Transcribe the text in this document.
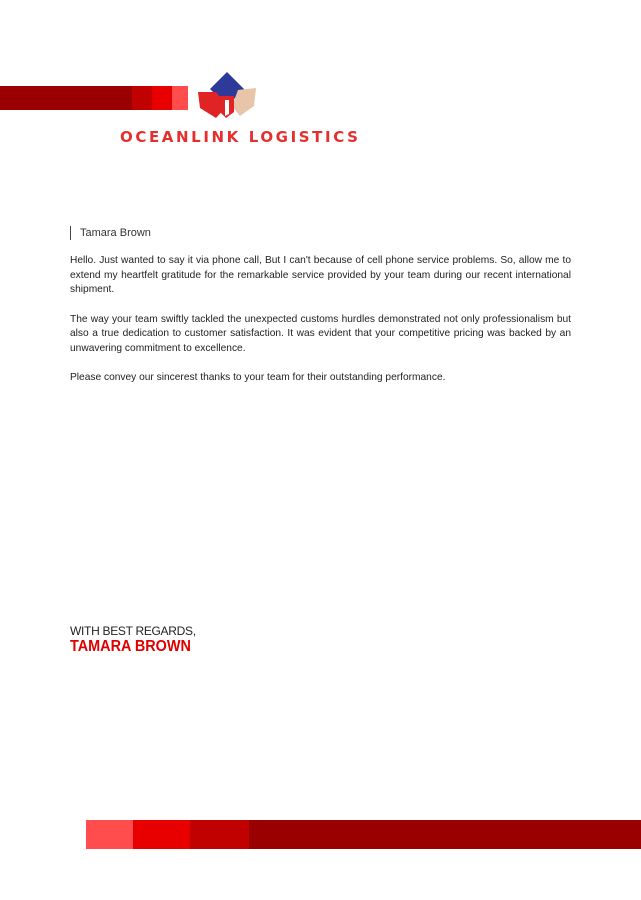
OCEANLINK LOGISTICS
Tamara Brown

Hello. Just wanted to say it via phone call, But I can't because of cell phone service problems. So, allow me to extend my heartfelt gratitude for the remarkable service provided by your team during our recent international shipment.

The way your team swiftly tackled the unexpected customs hurdles demonstrated not only professionalism but also a true dedication to customer satisfaction. It was evident that your competitive pricing was backed by an unwavering commitment to excellence.

Please convey our sincerest thanks to your team for their outstanding performance.

WITH BEST REGARDS,
TAMARA BROWN
